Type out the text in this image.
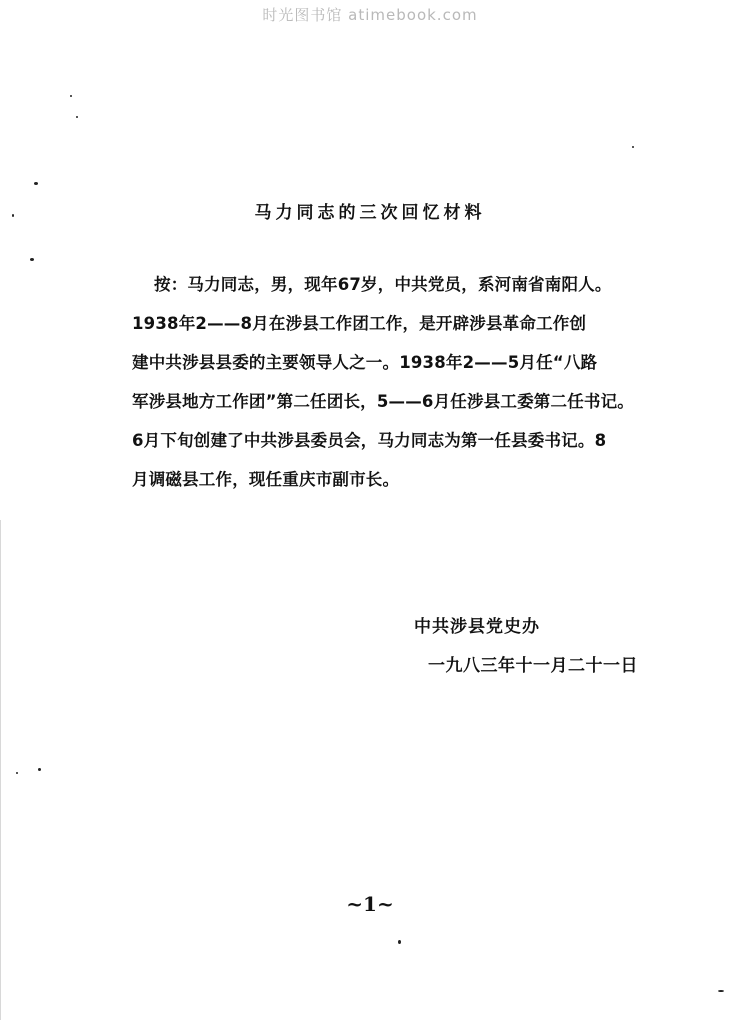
时光图书馆 atimebook.com
马力同志的三次回忆材料
按：马力同志，男，现年67岁，中共党员，系河南省南阳人。
1938年2——8月在涉县工作团工作，是开辟涉县革命工作创
建中共涉县县委的主要领导人之一。1938年2——5月任“八路
军涉县地方工作团”第二任团长，5——6月任涉县工委第二任书记。
6月下旬创建了中共涉县委员会，马力同志为第一任县委书记。8
月调磁县工作，现任重庆市副市长。
中共涉县党史办
一九八三年十一月二十一日
~1~
